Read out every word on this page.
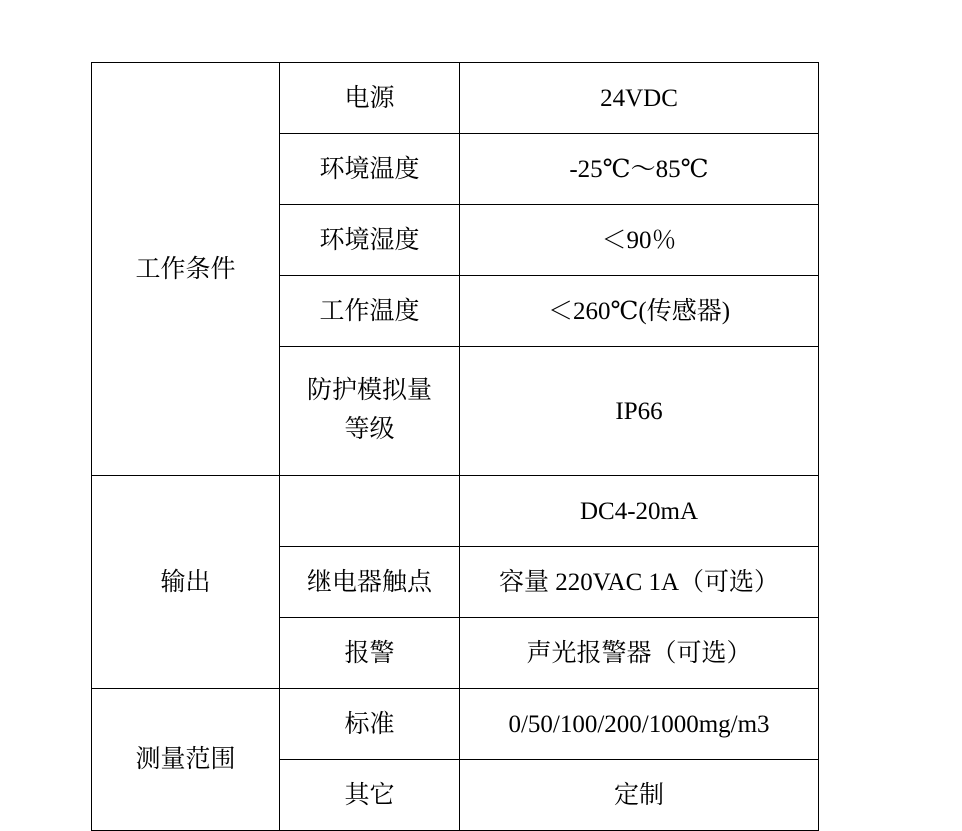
工作条件	电源	24VDC
	环境温度	-25℃～85℃
	环境湿度	＜90％
	工作温度	＜260℃(传感器)

	防护模拟量
等级	IP66
输出		DC4-20mA
	继电器触点	容量 220VAC 1A（可选）
	报警	声光报警器（可选）
测量范围	标准	0/50/100/200/1000mg/m3
	其它	定制
